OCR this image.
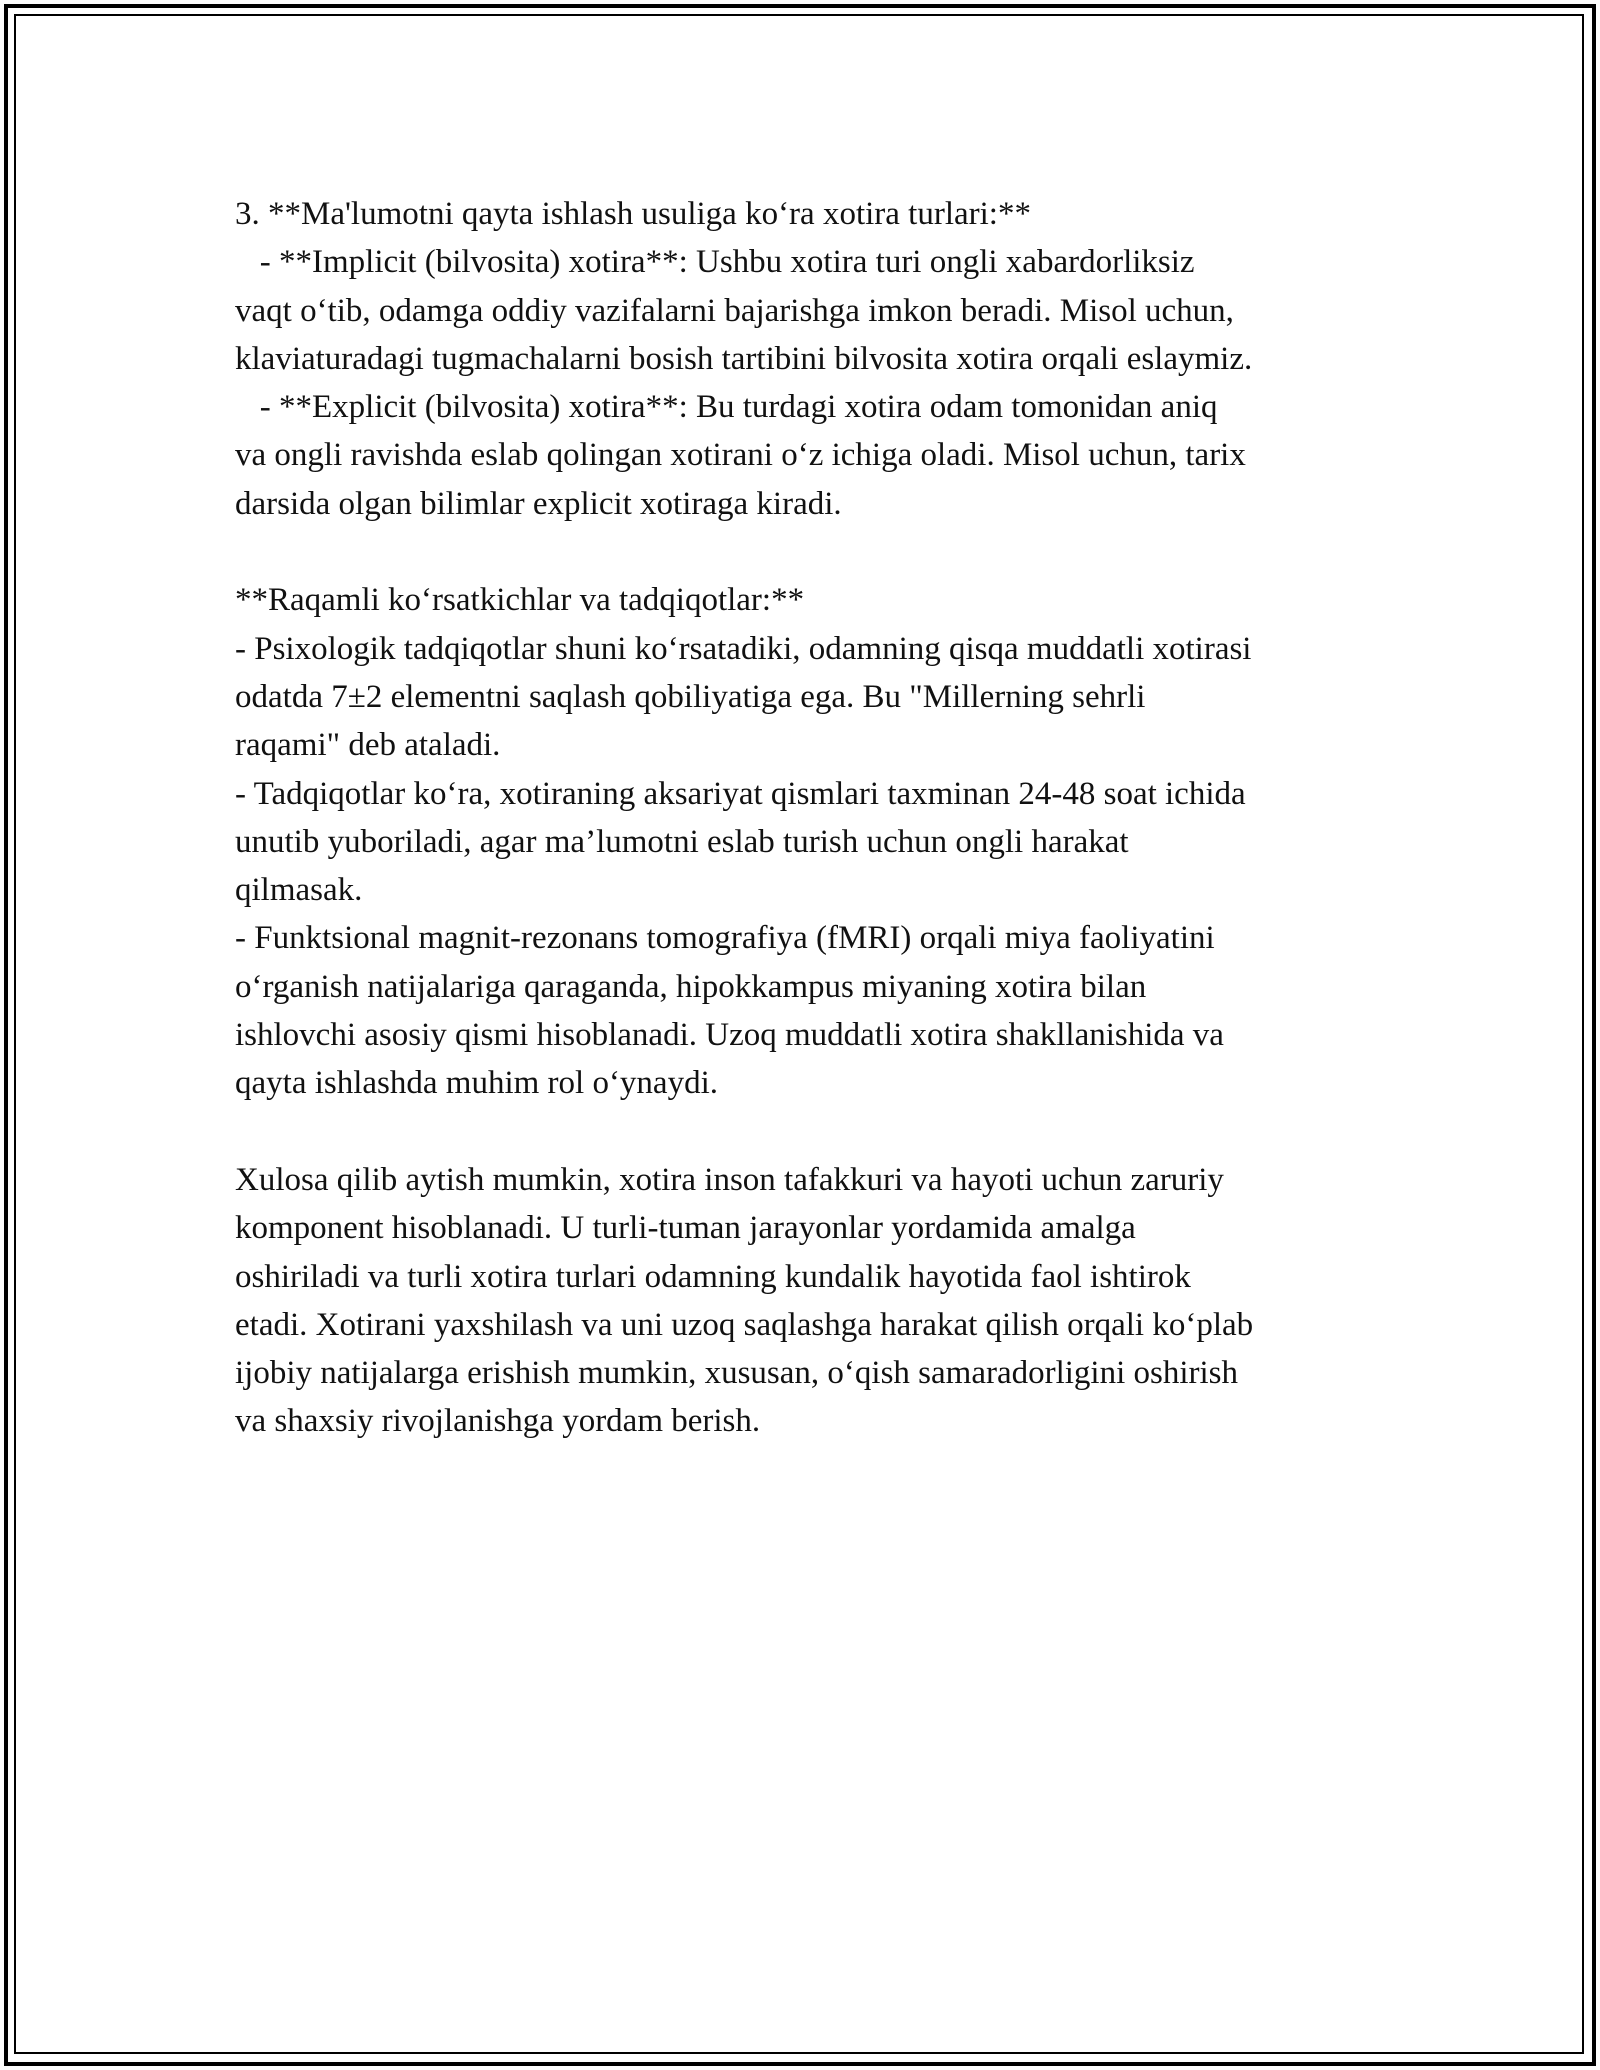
3. **Ma'lumotni qayta ishlash usuliga ko‘ra xotira turlari:**
- **Implicit (bilvosita) xotira**: Ushbu xotira turi ongli xabardorliksiz
vaqt o‘tib, odamga oddiy vazifalarni bajarishga imkon beradi. Misol uchun,
klaviaturadagi tugmachalarni bosish tartibini bilvosita xotira orqali eslaymiz.
- **Explicit (bilvosita) xotira**: Bu turdagi xotira odam tomonidan aniq
va ongli ravishda eslab qolingan xotirani o‘z ichiga oladi. Misol uchun, tarix
darsida olgan bilimlar explicit xotiraga kiradi.
**Raqamli ko‘rsatkichlar va tadqiqotlar:**
- Psixologik tadqiqotlar shuni ko‘rsatadiki, odamning qisqa muddatli xotirasi
odatda 7±2 elementni saqlash qobiliyatiga ega. Bu "Millerning sehrli
raqami" deb ataladi.
- Tadqiqotlar ko‘ra, xotiraning aksariyat qismlari taxminan 24-48 soat ichida
unutib yuboriladi, agar ma’lumotni eslab turish uchun ongli harakat
qilmasak.
- Funktsional magnit-rezonans tomografiya (fMRI) orqali miya faoliyatini
o‘rganish natijalariga qaraganda, hipokkampus miyaning xotira bilan
ishlovchi asosiy qismi hisoblanadi. Uzoq muddatli xotira shakllanishida va
qayta ishlashda muhim rol o‘ynaydi.
Xulosa qilib aytish mumkin, xotira inson tafakkuri va hayoti uchun zaruriy
komponent hisoblanadi. U turli-tuman jarayonlar yordamida amalga
oshiriladi va turli xotira turlari odamning kundalik hayotida faol ishtirok
etadi. Xotirani yaxshilash va uni uzoq saqlashga harakat qilish orqali ko‘plab
ijobiy natijalarga erishish mumkin, xususan, o‘qish samaradorligini oshirish
va shaxsiy rivojlanishga yordam berish.
